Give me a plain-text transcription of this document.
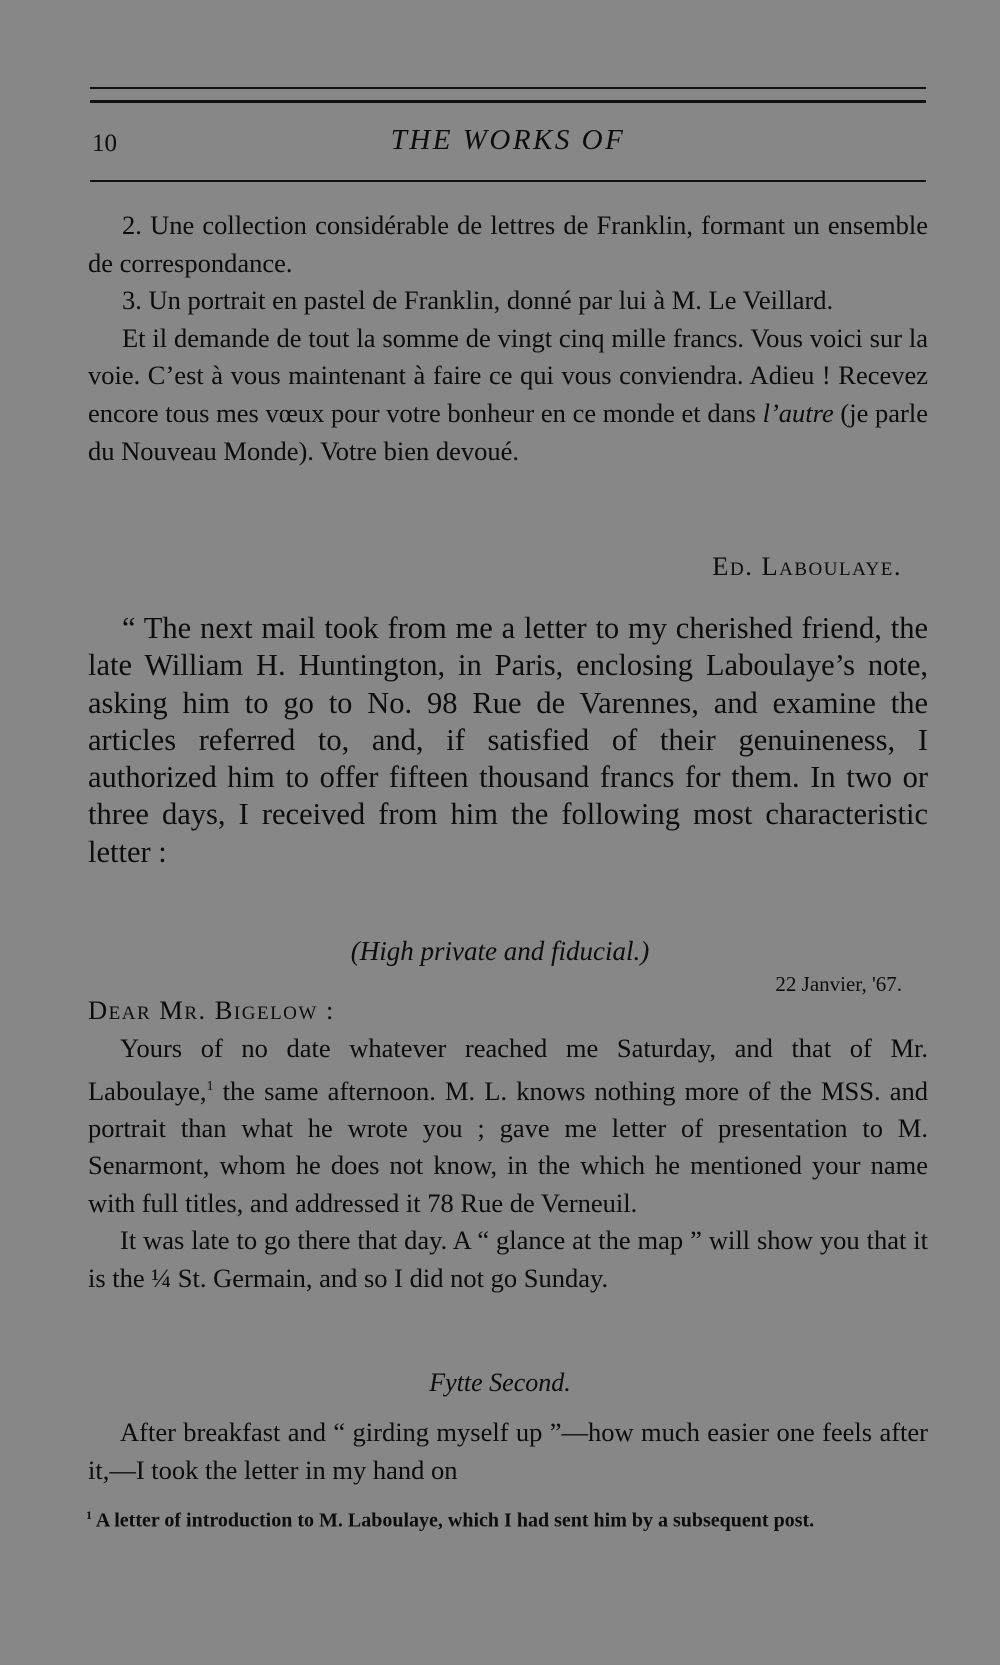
10	THE WORKS OF

2. Une collection considérable de lettres de Franklin, formant un ensemble de correspondance.

3. Un portrait en pastel de Franklin, donné par lui à M. Le Veillard.

Et il demande de tout la somme de vingt cinq mille francs. Vous voici sur la voie. C’est à vous maintenant à faire ce qui vous conviendra. Adieu ! Recevez encore tous mes vœux pour votre bonheur en ce monde et dans l’autre (je parle du Nouveau Monde). Votre bien devoué.

Ed. Laboulaye.

“ The next mail took from me a letter to my cherished friend, the late William H. Huntington, in Paris, enclosing Laboulaye’s note, asking him to go to No. 98 Rue de Varennes, and examine the articles referred to, and, if satisfied of their genuineness, I authorized him to offer fifteen thousand francs for them. In two or three days, I received from him the following most characteristic letter :

(High private and fiducial.)
22 Janvier, '67.
Dear Mr. Bigelow :

Yours of no date whatever reached me Saturday, and that of Mr. Laboulaye,$^1$ the same afternoon. M. L. knows nothing more of the MSS. and portrait than what he wrote you ; gave me letter of presentation to M. Senarmont, whom he does not know, in the which he mentioned your name with full titles, and addressed it 78 Rue de Verneuil.

It was late to go there that day. A “ glance at the map ” will show you that it is the ¼ St. Germain, and so I did not go Sunday.

Fytte Second.

After breakfast and “ girding myself up ”—how much easier one feels after it,—I took the letter in my hand on

$^1$ A letter of introduction to M. Laboulaye, which I had sent him by a subsequent post.
